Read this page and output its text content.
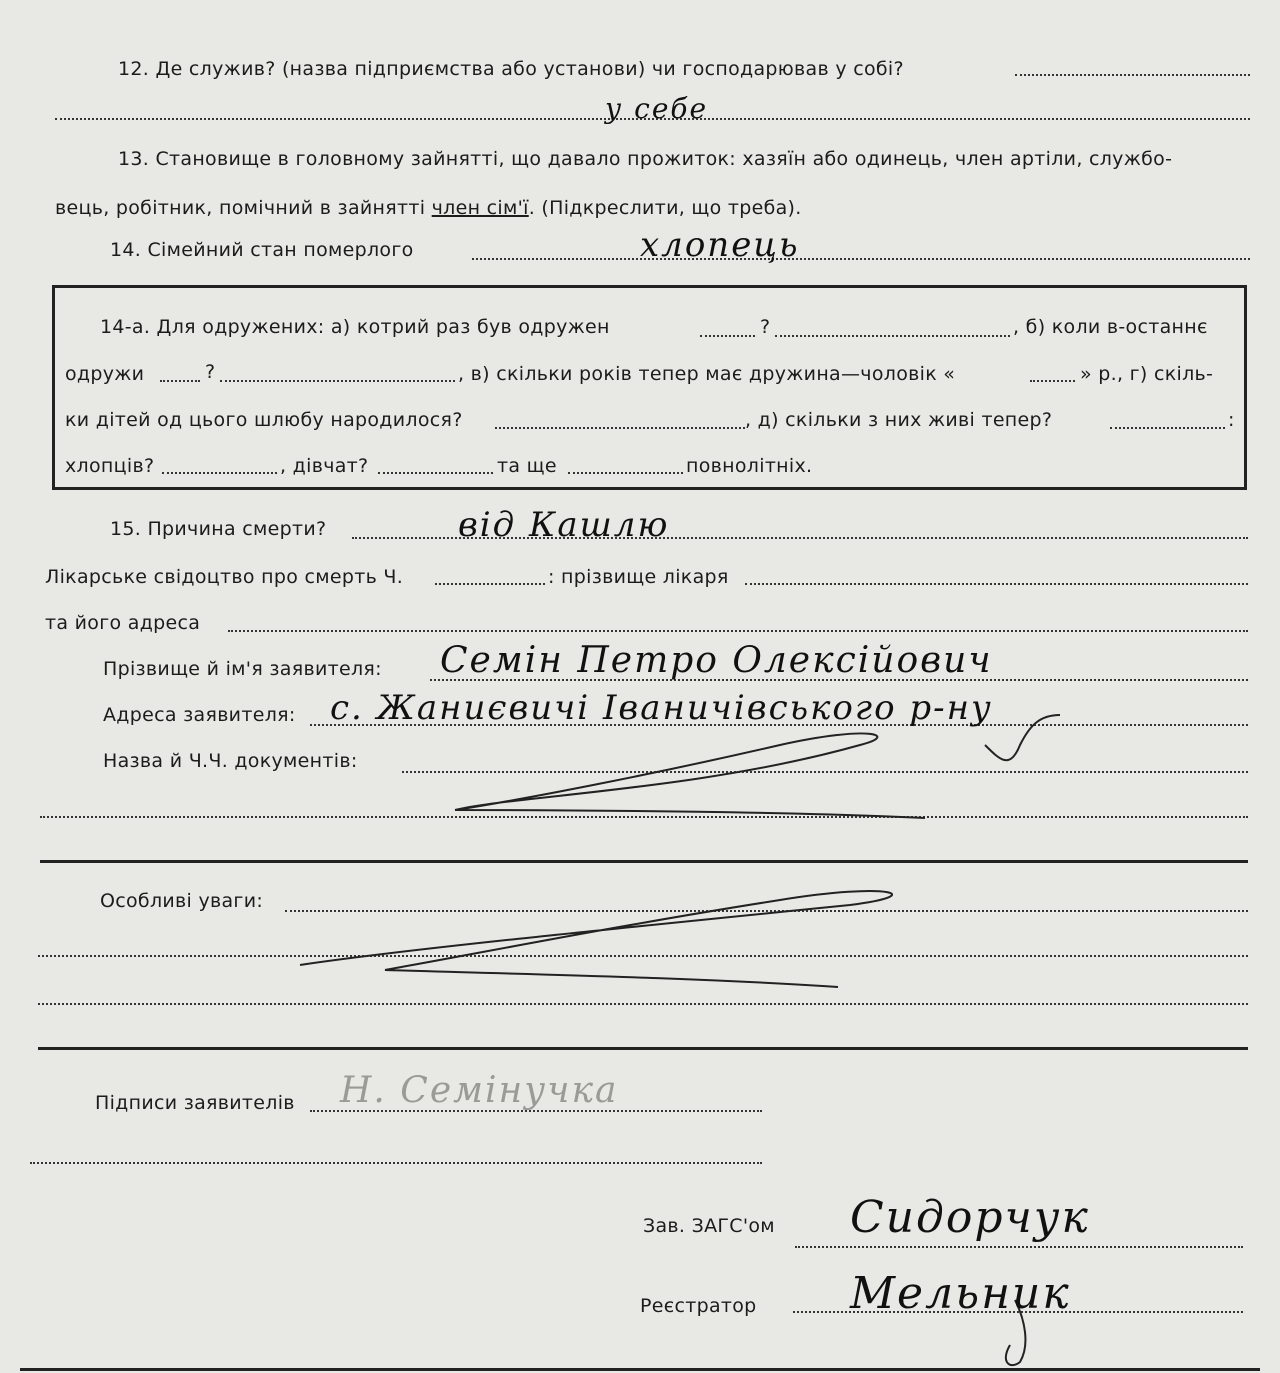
12. Де служив? (назва підприємства або установи) чи господарював у собі?
у себе
13. Становище в головному зайнятті, що давало прожиток: хазяїн або одинець, член артіли, службо-
вець, робітник, помічний в зайнятті член сім'ї. (Підкреслити, що треба).
14. Сімейний стан померлого	хлопець
14-а. Для одружених: а) котрий раз був одружен	?	, б) коли в-останнє
одружи	?	, в) скільки років тепер має дружина—чоловік «	» р., г) скіль-
ки дітей од цього шлюбу народилося?	, д) скільки з них живі тепер?	:
хлопців?	, дівчат?	та ще	повнолітніх.
15. Причина смерти?	від Кашлю
Лікарське свідоцтво про смерть Ч.	: прізвище лікаря
та його адреса
Прізвище й ім'я заявителя: Семін Петро Олексійович
Адреса заявителя: с. Жаниєвичі Іваничівського р-ну
Назва й Ч.Ч. документів:
Особливі уваги:
Підписи заявителів Н. Семінучка
Зав. ЗАГС'ом Сидорчук
Реєстратор Мельник
